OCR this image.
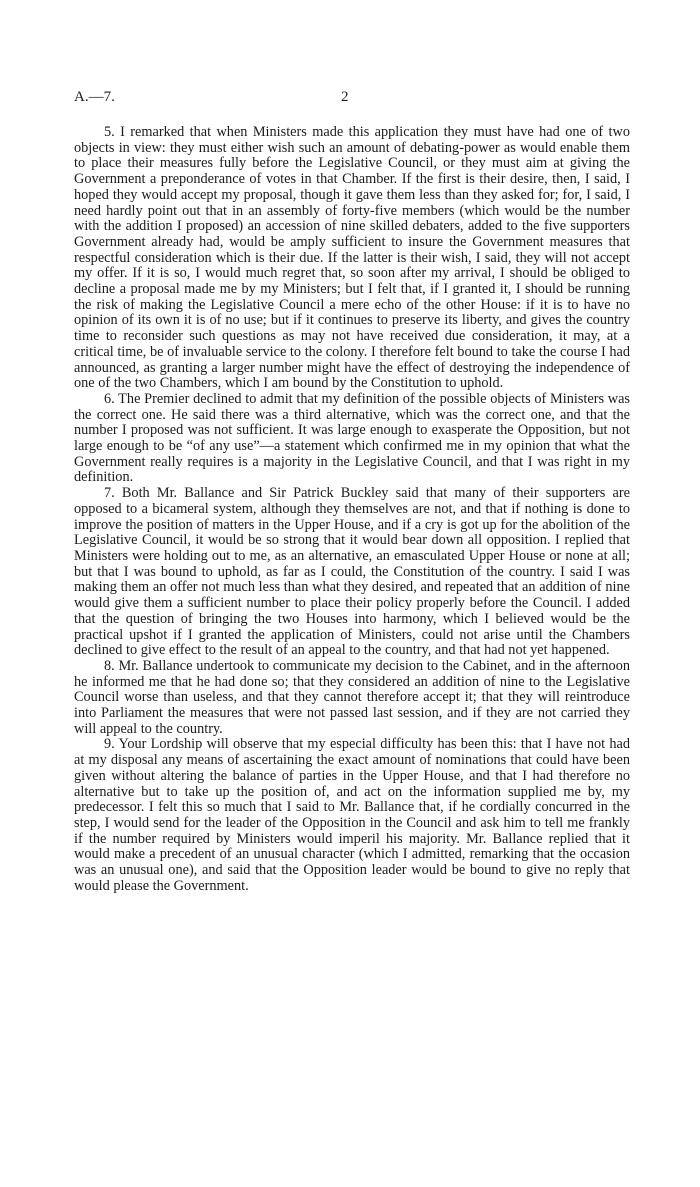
A.—7.	2

5. I remarked that when Ministers made this application they must have had one of two objects in view: they must either wish such an amount of debating-power as would enable them to place their measures fully before the Legislative Council, or they must aim at giving the Government a preponderance of votes in that Chamber. If the first is their desire, then, I said, I hoped they would accept my proposal, though it gave them less than they asked for; for, I said, I need hardly point out that in an assembly of forty-five members (which would be the number with the addition I proposed) an accession of nine skilled debaters, added to the five supporters Government already had, would be amply sufficient to insure the Government measures that respectful consideration which is their due. If the latter is their wish, I said, they will not accept my offer. If it is so, I would much regret that, so soon after my arrival, I should be obliged to decline a proposal made me by my Ministers; but I felt that, if I granted it, I should be running the risk of making the Legislative Council a mere echo of the other House: if it is to have no opinion of its own it is of no use; but if it continues to preserve its liberty, and gives the country time to reconsider such questions as may not have received due consideration, it may, at a critical time, be of invaluable service to the colony. I therefore felt bound to take the course I had announced, as granting a larger number might have the effect of destroying the independence of one of the two Chambers, which I am bound by the Constitution to uphold.

6. The Premier declined to admit that my definition of the possible objects of Ministers was the correct one. He said there was a third alternative, which was the correct one, and that the number I proposed was not sufficient. It was large enough to exasperate the Opposition, but not large enough to be “of any use”—a statement which confirmed me in my opinion that what the Government really requires is a majority in the Legislative Council, and that I was right in my definition.

7. Both Mr. Ballance and Sir Patrick Buckley said that many of their supporters are opposed to a bicameral system, although they themselves are not, and that if nothing is done to improve the position of matters in the Upper House, and if a cry is got up for the abolition of the Legislative Council, it would be so strong that it would bear down all opposition. I replied that Ministers were holding out to me, as an alternative, an emasculated Upper House or none at all; but that I was bound to uphold, as far as I could, the Constitution of the country. I said I was making them an offer not much less than what they desired, and repeated that an addition of nine would give them a sufficient number to place their policy properly before the Council. I added that the question of bringing the two Houses into harmony, which I believed would be the practical upshot if I granted the application of Ministers, could not arise until the Chambers declined to give effect to the result of an appeal to the country, and that had not yet happened.

8. Mr. Ballance undertook to communicate my decision to the Cabinet, and in the afternoon he informed me that he had done so; that they considered an addition of nine to the Legislative Council worse than useless, and that they cannot therefore accept it; that they will reintroduce into Parliament the measures that were not passed last session, and if they are not carried they will appeal to the country.

9. Your Lordship will observe that my especial difficulty has been this: that I have not had at my disposal any means of ascertaining the exact amount of nominations that could have been given without altering the balance of parties in the Upper House, and that I had therefore no alternative but to take up the position of, and act on the information supplied me by, my predecessor. I felt this so much that I said to Mr. Ballance that, if he cordially concurred in the step, I would send for the leader of the Opposition in the Council and ask him to tell me frankly if the number required by Ministers would imperil his majority. Mr. Ballance replied that it would make a precedent of an unusual character (which I admitted, remarking that the occasion was an unusual one), and said that the Opposition leader would be bound to give no reply that would please the Government.
